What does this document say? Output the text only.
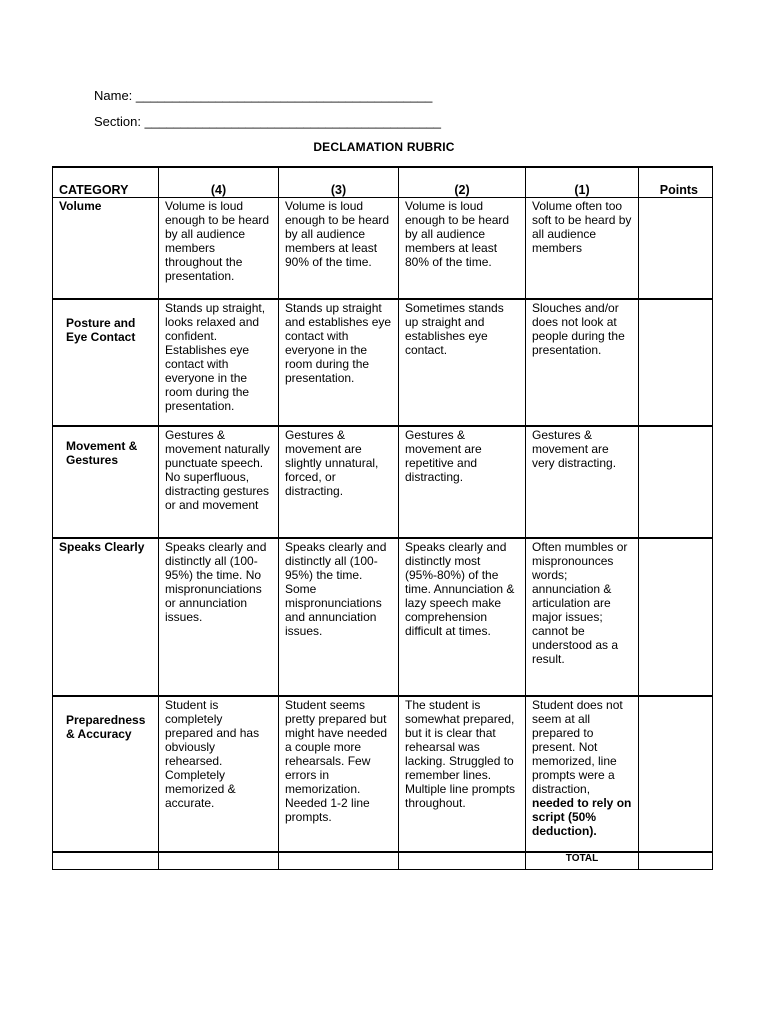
Name: _________________________________________
Section: _________________________________________
DECLAMATION RUBRIC
CATEGORY	(4)	(3)	(2)	(1)	Points
Volume	Volume is loud enough to be heard by all audience members throughout the presentation.	Volume is loud enough to be heard by all audience members at least 90% of the time.	Volume is loud enough to be heard by all audience members at least 80% of the time.	Volume often too soft to be heard by all audience members	
Posture and Eye Contact	Stands up straight, looks relaxed and confident. Establishes eye contact with everyone in the room during the presentation.	Stands up straight and establishes eye contact with everyone in the room during the presentation.	Sometimes stands up straight and establishes eye contact.	Slouches and/or does not look at people during the presentation.	
Movement & Gestures	Gestures & movement naturally punctuate speech. No superfluous, distracting gestures or and movement	Gestures & movement are slightly unnatural, forced, or distracting.	Gestures & movement are repetitive and distracting.	Gestures & movement are very distracting.	
Speaks Clearly	Speaks clearly and distinctly all (100-95%) the time. No mispronunciations or annunciation issues.	Speaks clearly and distinctly all (100-95%) the time. Some mispronunciations and annunciation issues.	Speaks clearly and distinctly most (95%-80%) of the time. Annunciation & lazy speech make comprehension difficult at times.	Often mumbles or mispronounces words; annunciation & articulation are major issues; cannot be understood as a result.	
Preparedness & Accuracy	Student is completely prepared and has obviously rehearsed. Completely memorized & accurate.	Student seems pretty prepared but might have needed a couple more rehearsals. Few errors in memorization. Needed 1-2 line prompts.	The student is somewhat prepared, but it is clear that rehearsal was lacking. Struggled to remember lines. Multiple line prompts throughout.	Student does not seem at all prepared to present. Not memorized, line prompts were a distraction, needed to rely on script (50% deduction).	
				TOTAL	
